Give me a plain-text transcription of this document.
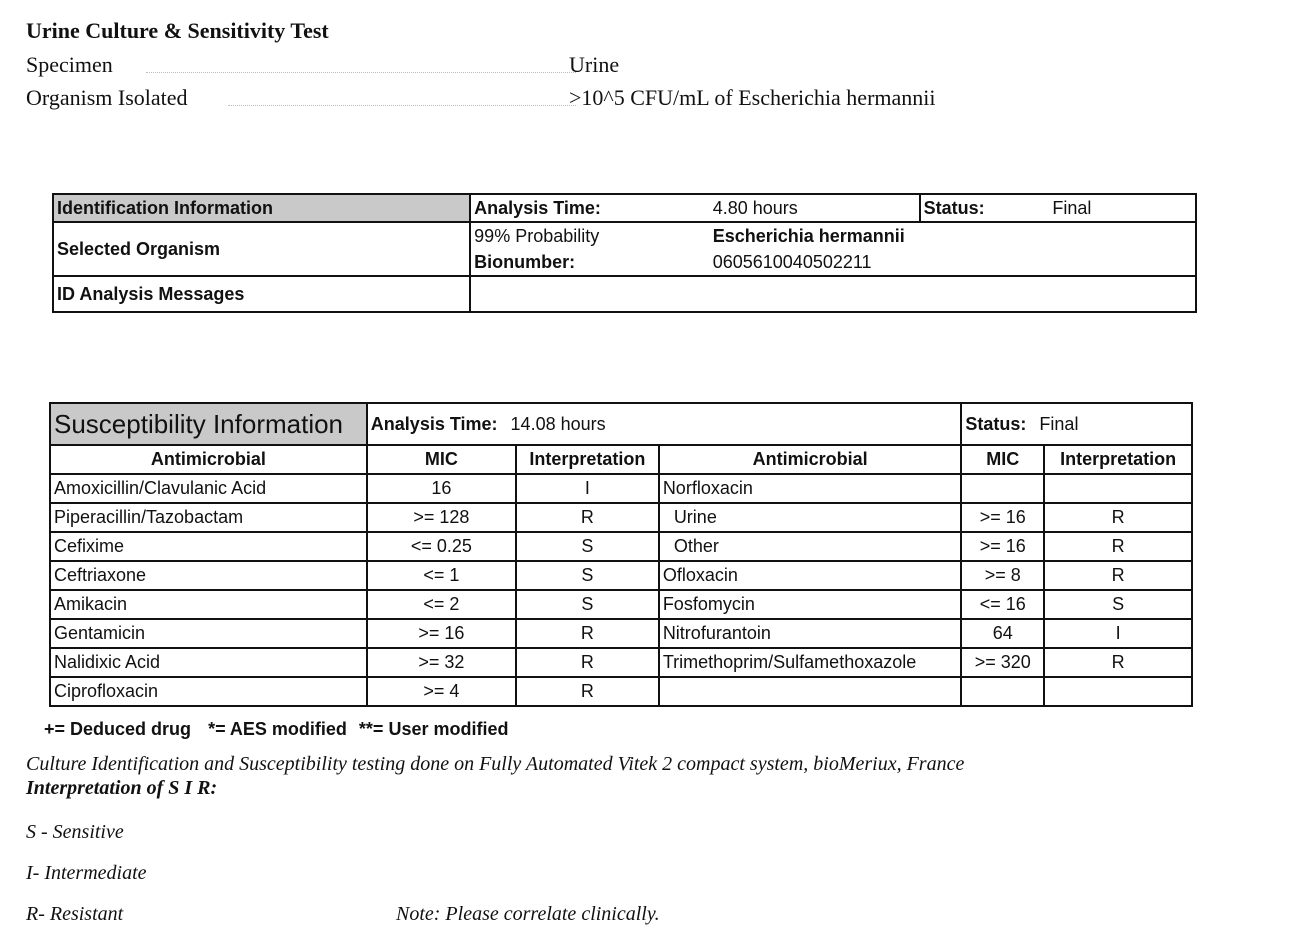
Urine Culture & Sensitivity Test
Specimen	Urine
Organism Isolated	>10^5 CFU/mL of Escherichia hermannii
Identification Information	Analysis Time:	4.80 hours	Status:	Final
Selected Organism	99% Probability	Escherichia hermannii		
	Bionumber:	0605610040502211		
ID Analysis Messages				
Susceptibility Information	Analysis Time: 14.08 hours			Status: Final	
Antimicrobial	MIC	Interpretation	Antimicrobial	MIC	Interpretation
Amoxicillin/Clavulanic Acid	16	I	Norfloxacin		
Piperacillin/Tazobactam	>= 128	R	Urine	>= 16	R
Cefixime	<= 0.25	S	Other	>= 16	R
Ceftriaxone	<= 1	S	Ofloxacin	>= 8	R
Amikacin	<= 2	S	Fosfomycin	<= 16	S
Gentamicin	>= 16	R	Nitrofurantoin	64	I
Nalidixic Acid	>= 32	R	Trimethoprim/Sulfamethoxazole	>= 320	R
Ciprofloxacin	>= 4	R			
+= Deduced drug *= AES modified **= User modified
Culture Identification and Susceptibility testing done on Fully Automated Vitek 2 compact system, bioMeriux, France
Interpretation of S I R:
S - Sensitive
I- Intermediate
R- Resistant	Note: Please correlate clinically.
